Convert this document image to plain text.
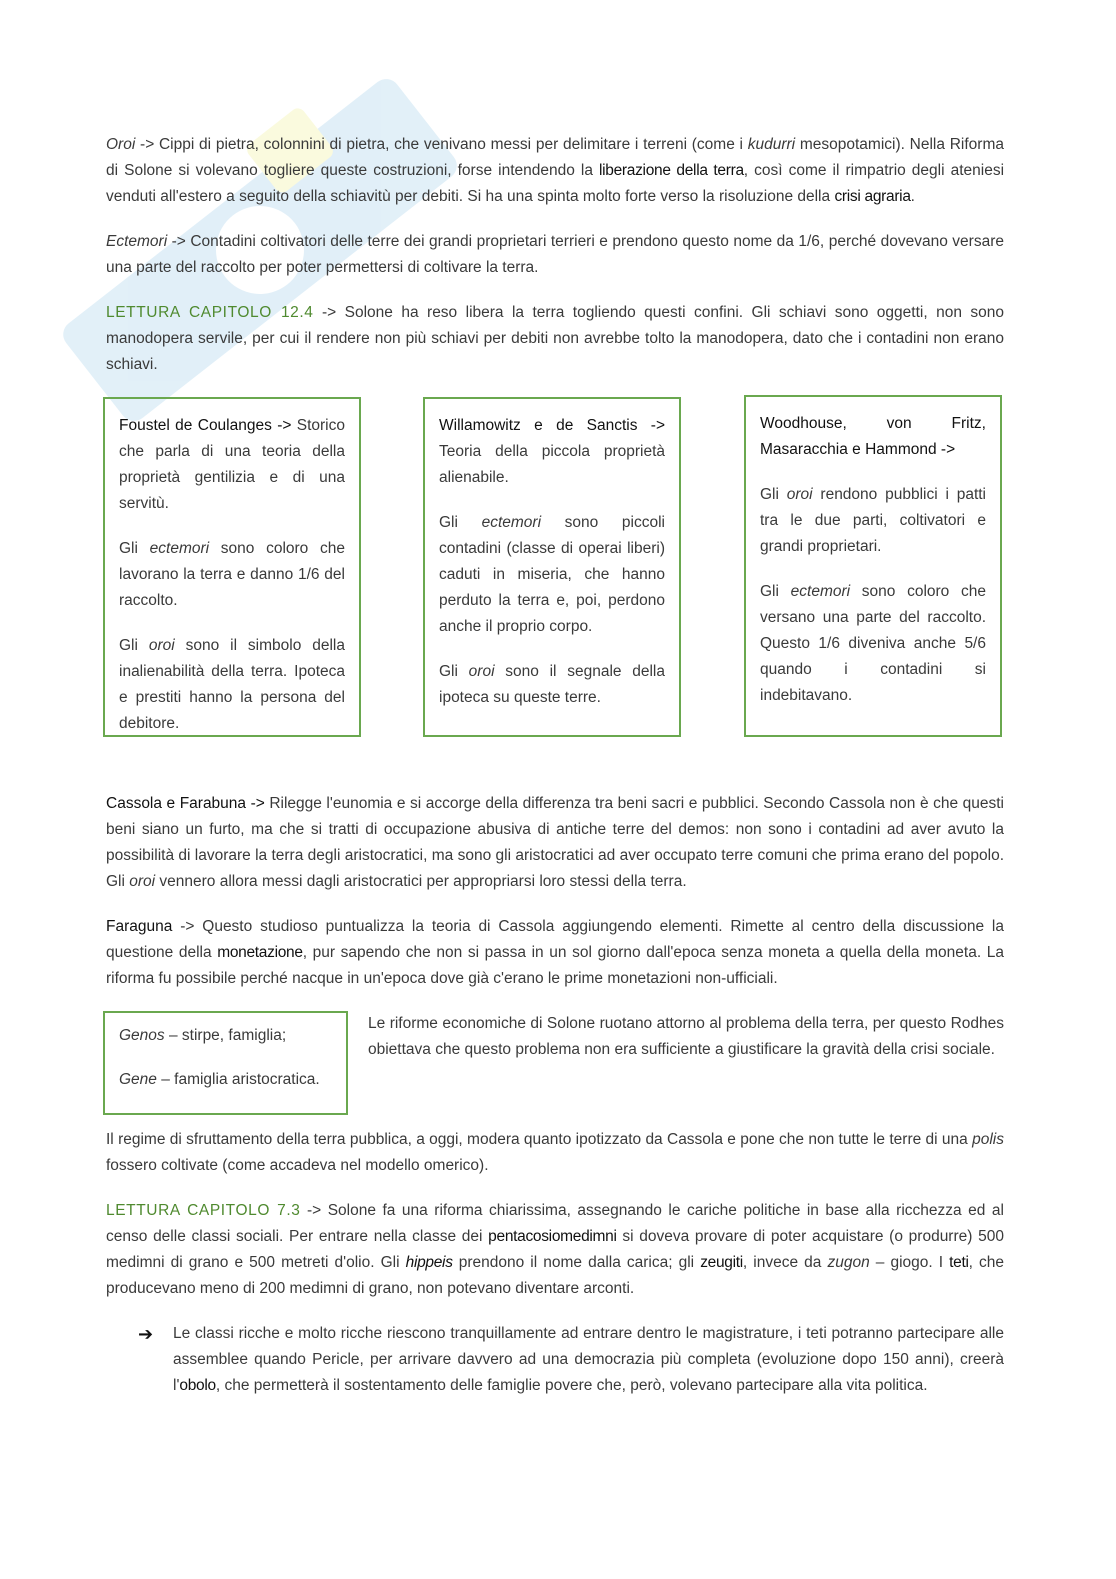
Oroi -> Cippi di pietra, colonnini di pietra, che venivano messi per delimitare i terreni (come i kudurri mesopotamici). Nella Riforma di Solone si volevano togliere queste costruzioni, forse intendendo la liberazione della terra, così come il rimpatrio degli ateniesi venduti all'estero a seguito della schiavitù per debiti. Si ha una spinta molto forte verso la risoluzione della crisi agraria.

Ectemori -> Contadini coltivatori delle terre dei grandi proprietari terrieri e prendono questo nome da 1/6, perché dovevano versare una parte del raccolto per poter permettersi di coltivare la terra.

LETTURA CAPITOLO 12.4 -> Solone ha reso libera la terra togliendo questi confini. Gli schiavi sono oggetti, non sono manodopera servile, per cui il rendere non più schiavi per debiti non avrebbe tolto la manodopera, dato che i contadini non erano schiavi.

Foustel de Coulanges -> Storico che parla di una teoria della proprietà gentilizia e di una servitù.

Gli ectemori sono coloro che lavorano la terra e danno 1/6 del raccolto.

Gli oroi sono il simbolo della inalienabilità della terra. Ipoteca e prestiti hanno la persona del debitore.

Willamowitz e de Sanctis -> Teoria della piccola proprietà alienabile.

Gli ectemori sono piccoli contadini (classe di operai liberi) caduti in miseria, che hanno perduto la terra e, poi, perdono anche il proprio corpo.

Gli oroi sono il segnale della ipoteca su queste terre.

Woodhouse, von Fritz, Masaracchia e Hammond ->

Gli oroi rendono pubblici i patti tra le due parti, coltivatori e grandi proprietari.

Gli ectemori sono coloro che versano una parte del raccolto. Questo 1/6 diveniva anche 5/6 quando i contadini si indebitavano.

Cassola e Farabuna -> Rilegge l'eunomia e si accorge della differenza tra beni sacri e pubblici. Secondo Cassola non è che questi beni siano un furto, ma che si tratti di occupazione abusiva di antiche terre del demos: non sono i contadini ad aver avuto la possibilità di lavorare la terra degli aristocratici, ma sono gli aristocratici ad aver occupato terre comuni che prima erano del popolo. Gli oroi vennero allora messi dagli aristocratici per appropriarsi loro stessi della terra.

Faraguna -> Questo studioso puntualizza la teoria di Cassola aggiungendo elementi. Rimette al centro della discussione la questione della monetazione, pur sapendo che non si passa in un sol giorno dall'epoca senza moneta a quella della moneta. La riforma fu possibile perché nacque in un'epoca dove già c'erano le prime monetazioni non-ufficiali.

Genos – stirpe, famiglia;

Gene – famiglia aristocratica.

Le riforme economiche di Solone ruotano attorno al problema della terra, per questo Rodhes obiettava che questo problema non era sufficiente a giustificare la gravità della crisi sociale.

Il regime di sfruttamento della terra pubblica, a oggi, modera quanto ipotizzato da Cassola e pone che non tutte le terre di una polis fossero coltivate (come accadeva nel modello omerico).

LETTURA CAPITOLO 7.3 -> Solone fa una riforma chiarissima, assegnando le cariche politiche in base alla ricchezza ed al censo delle classi sociali. Per entrare nella classe dei pentacosiomedimni si doveva provare di poter acquistare (o produrre) 500 medimni di grano e 500 metreti d'olio. Gli hippeis prendono il nome dalla carica; gli zeugiti, invece da zugon – giogo. I teti, che producevano meno di 200 medimni di grano, non potevano diventare arconti.

➔ Le classi ricche e molto ricche riescono tranquillamente ad entrare dentro le magistrature, i teti potranno partecipare alle assemblee quando Pericle, per arrivare davvero ad una democrazia più completa (evoluzione dopo 150 anni), creerà l'obolo, che permetterà il sostentamento delle famiglie povere che, però, volevano partecipare alla vita politica.
